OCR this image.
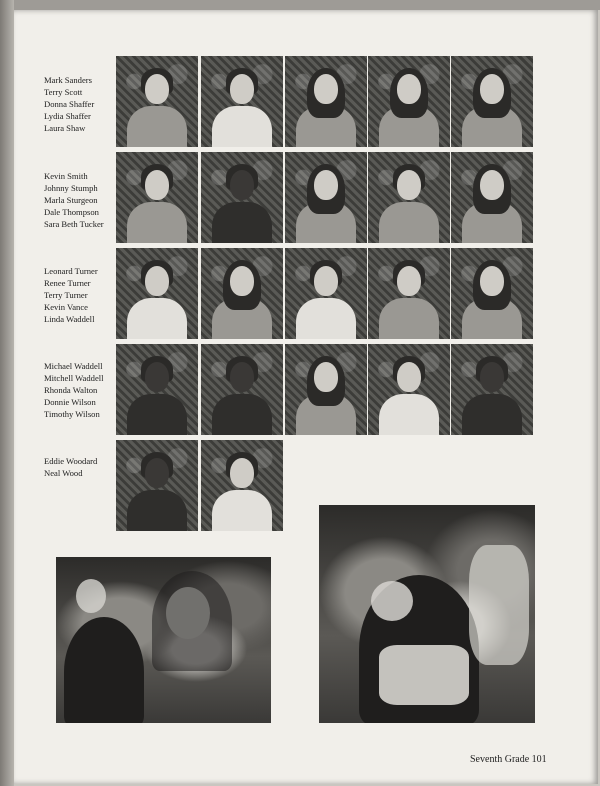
Mark Sanders
Terry Scott
Donna Shaffer
Lydia Shaffer
Laura Shaw
Kevin Smith
Johnny Stumph
Marla Sturgeon
Dale Thompson
Sara Beth Tucker
Leonard Turner
Renee Turner
Terry Turner
Kevin Vance
Linda Waddell
Michael Waddell
Mitchell Waddell
Rhonda Walton
Donnie Wilson
Timothy Wilson
Eddie Woodard
Neal Wood
Seventh Grade 101
